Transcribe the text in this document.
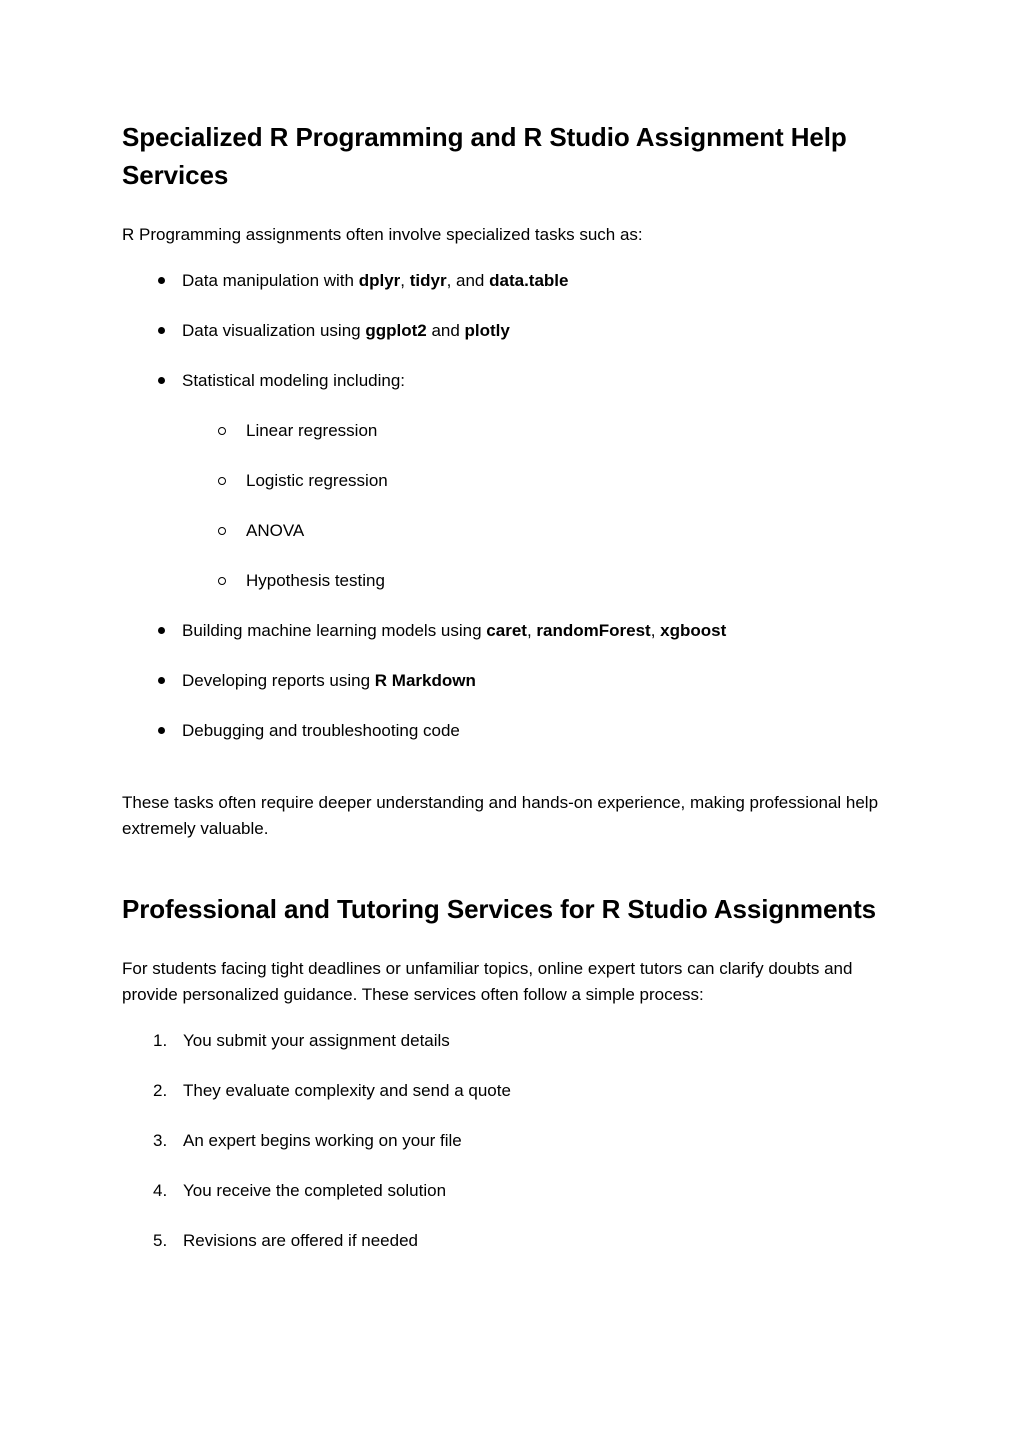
Specialized R Programming and R Studio Assignment Help Services

R Programming assignments often involve specialized tasks such as:

Data manipulation with dplyr, tidyr, and data.table
Data visualization using ggplot2 and plotly
Statistical modeling including:
Linear regression
Logistic regression
ANOVA
Hypothesis testing
Building machine learning models using caret, randomForest, xgboost
Developing reports using R Markdown
Debugging and troubleshooting code

These tasks often require deeper understanding and hands-on experience, making professional help extremely valuable.

Professional and Tutoring Services for R Studio Assignments

For students facing tight deadlines or unfamiliar topics, online expert tutors can clarify doubts and provide personalized guidance. These services often follow a simple process:

1. You submit your assignment details
2. They evaluate complexity and send a quote
3. An expert begins working on your file
4. You receive the completed solution
5. Revisions are offered if needed
